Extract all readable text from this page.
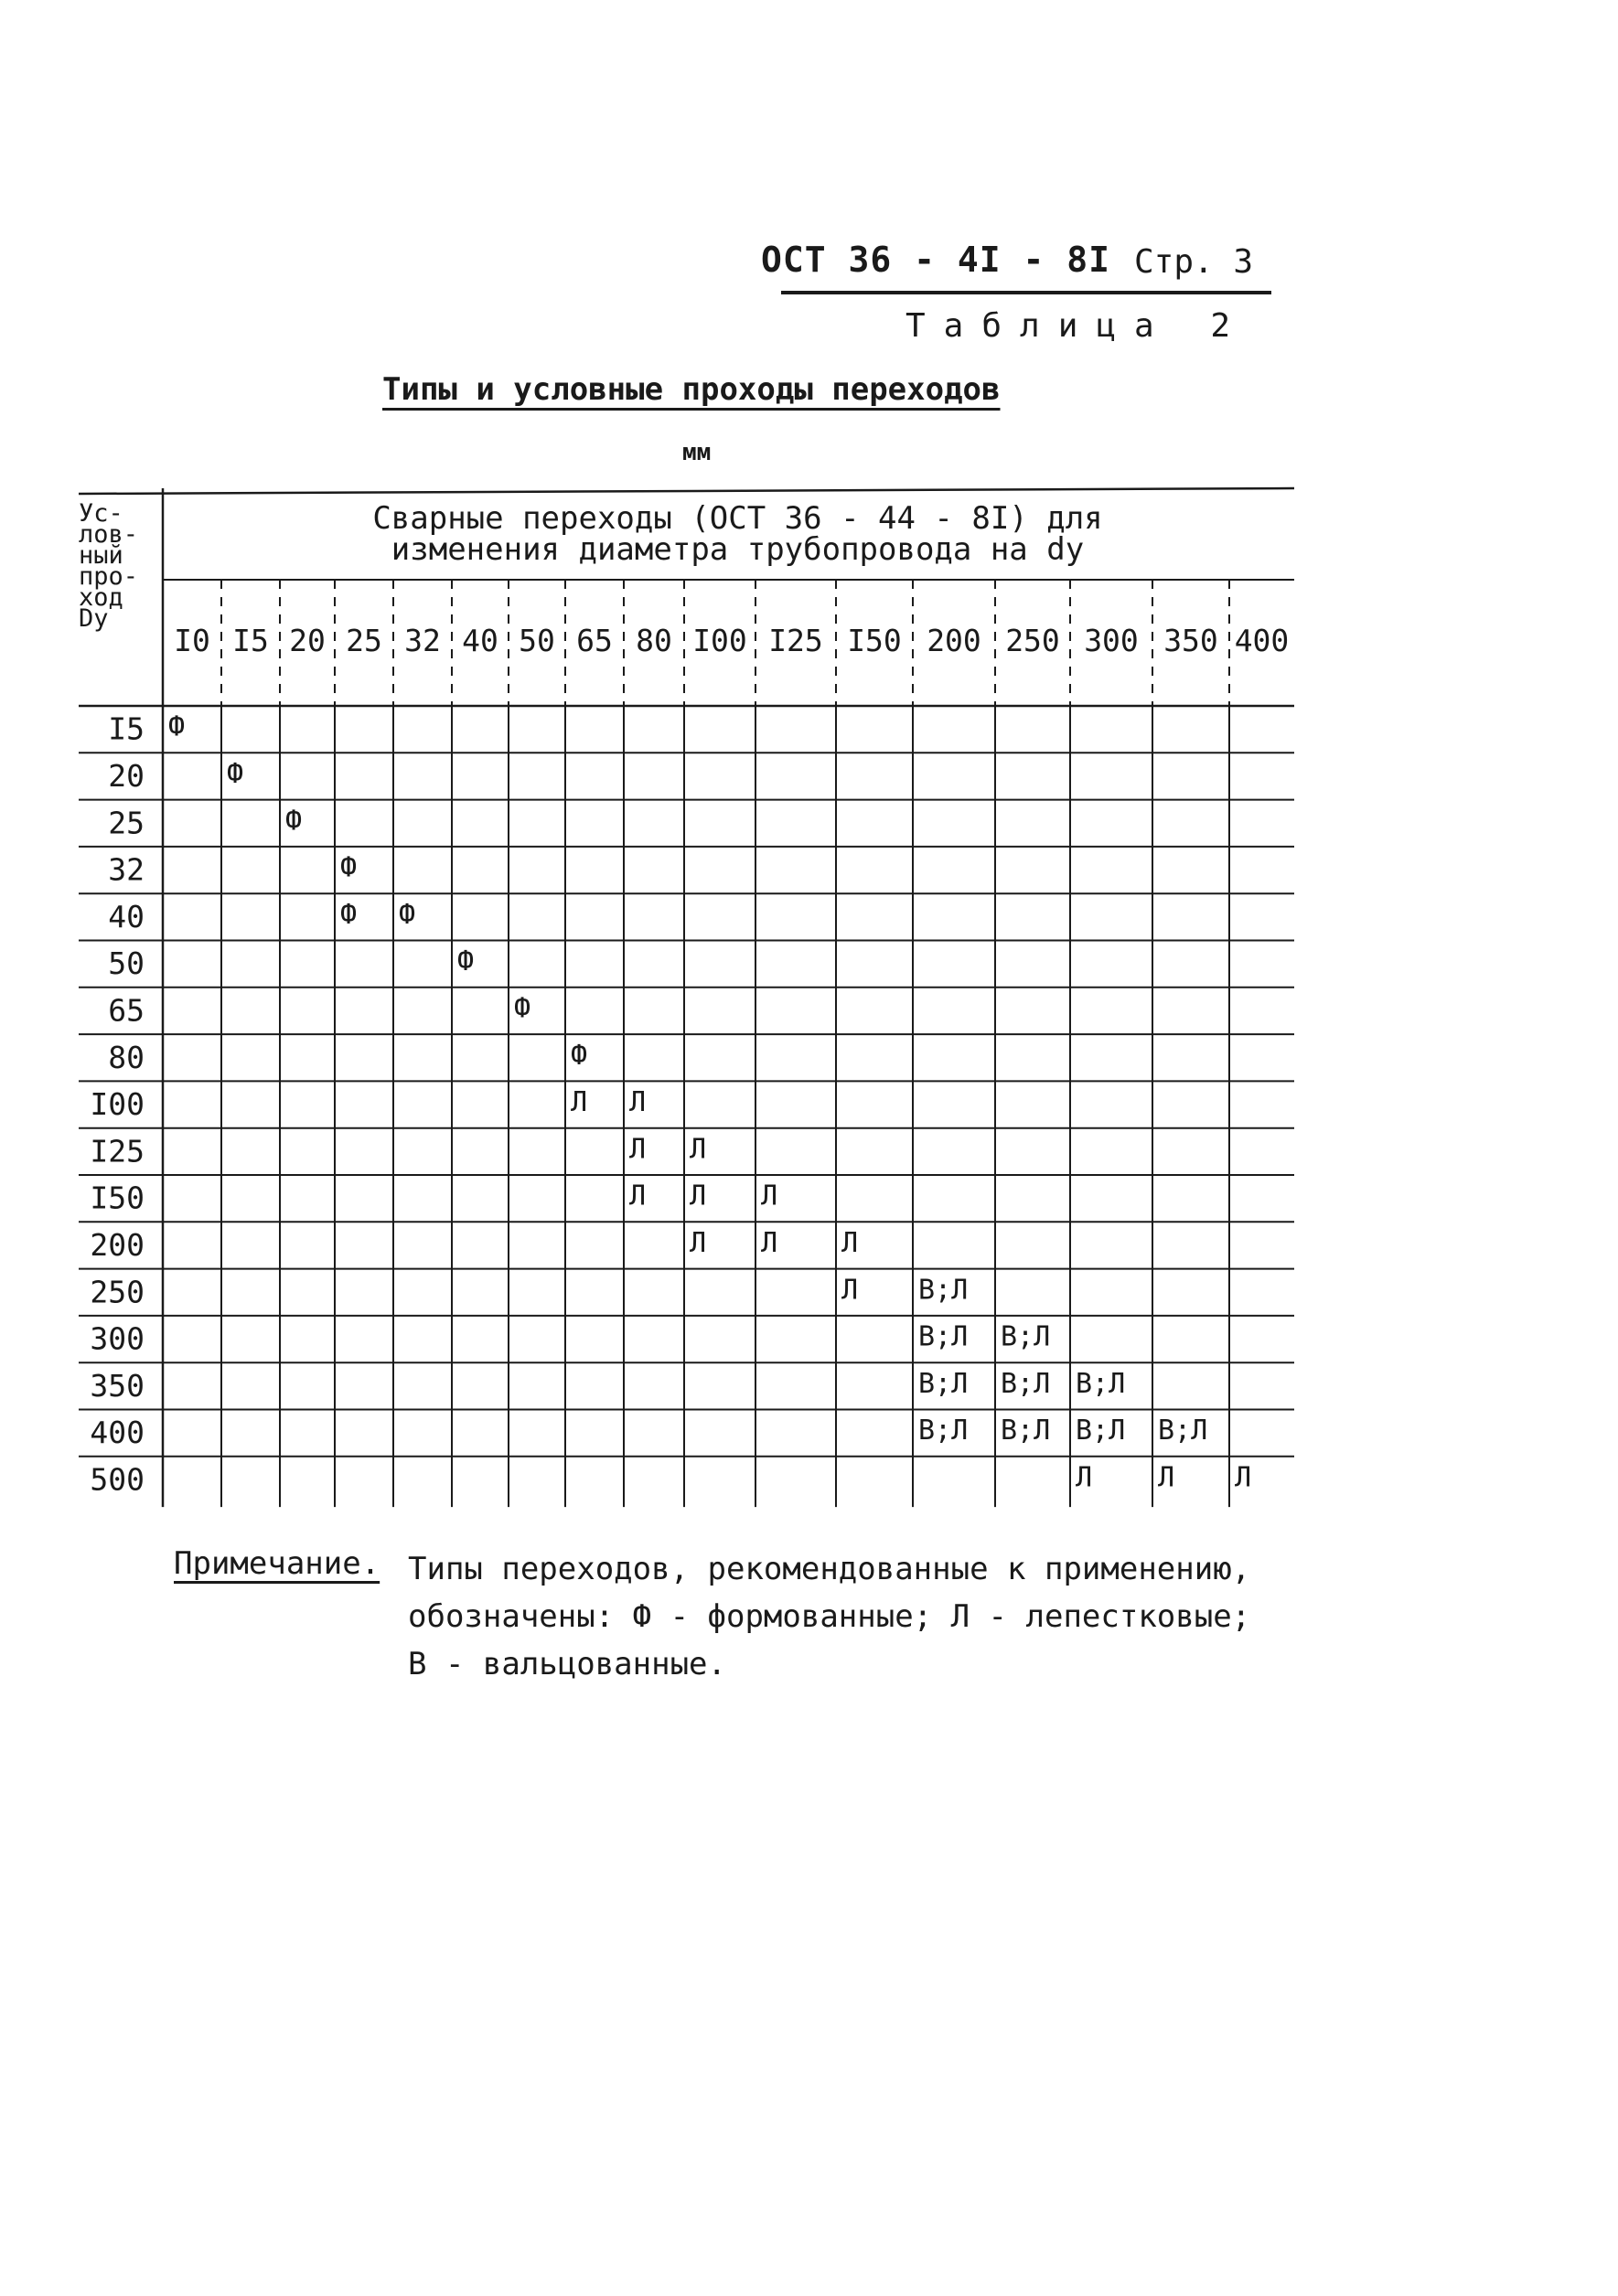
ОСТ 36 - 4I - 8I Стр. 3
Таблица 2
Типы и условные проходы переходов
мм
Ус-
лов-
ный
про-
ход
Dу
Сварные переходы (ОСТ 36 - 44 - 8I) для
изменения диаметра трубопровода на dу
I0 I5 20 25 32 40 50 65 80 I00 I25 I50 200 250 300 350 400
I5
20
25
32
40
50
65
80
I00
I25
I50
200
250
300
350
400
500
Ф
Ф
Ф
Ф
Ф Ф
Ф
Ф
Ф
Л Л
Л Л
Л Л Л
Л Л Л
В;Л
Л
В;Л В;Л
В;Л В;Л В;Л
В;Л В;Л В;Л В;Л
Л Л Л
Примечание. Типы переходов, рекомендованные к применению,
обозначены: Ф - формованные; Л - лепестковые;
В - вальцованные.
